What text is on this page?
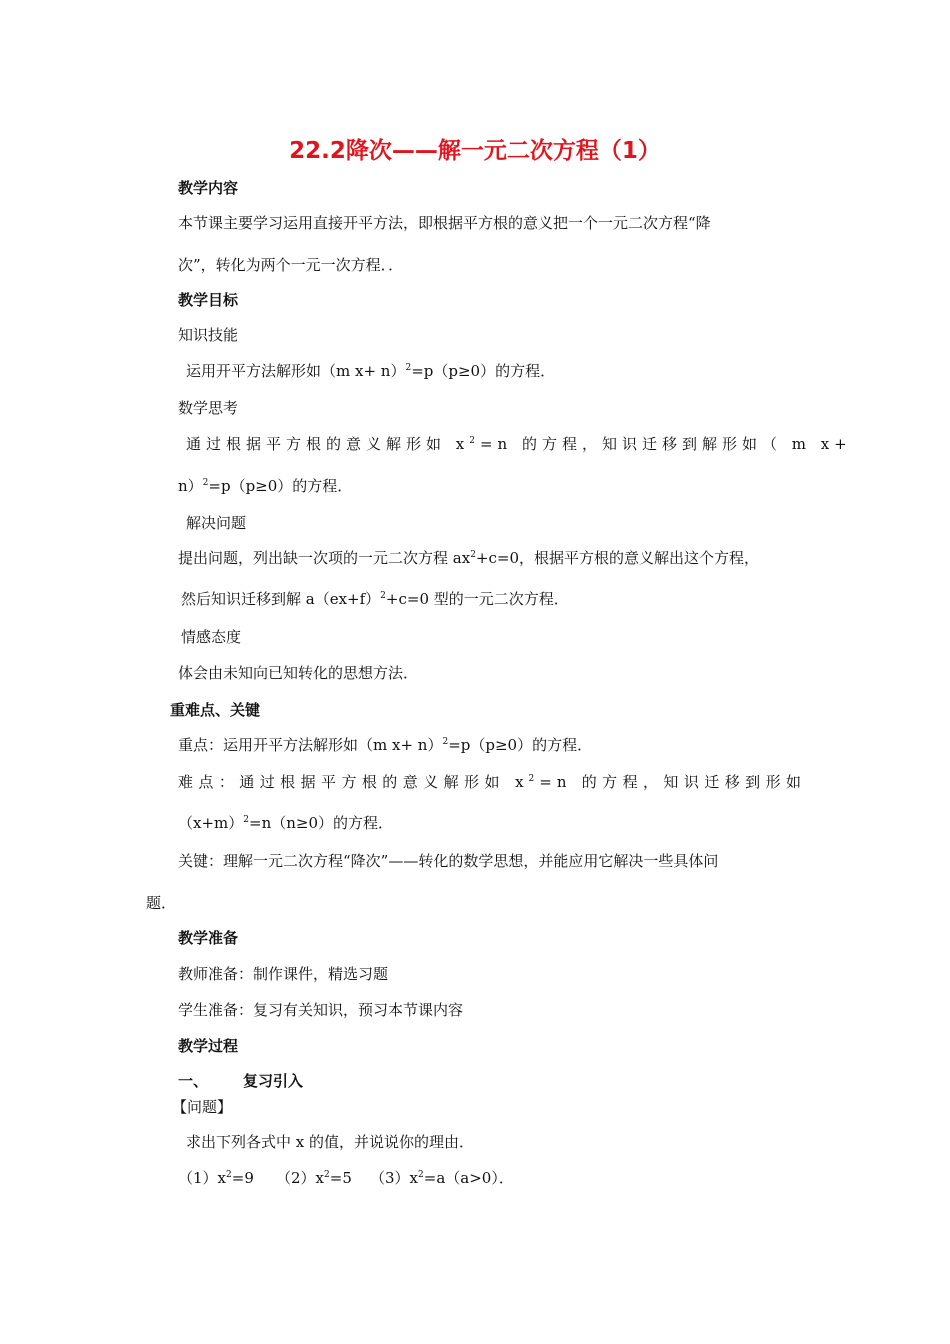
22.2降次——解一元二次方程（1）
教学内容
本节课主要学习运用直接开平方法，即根据平方根的意义把一个一元二次方程“降
次”，转化为两个一元一次方程．．
教学目标
知识技能
运用开平方法解形如（m x+ n）$^2$=p（p≥0）的方程．
数学思考
通过根据平方根的意义解形如 $x^2=n$ 的方程，知识迁移到解形如（ m x+
n）$^2$=p（p≥0）的方程．
解决问题
提出问题，列出缺一次项的一元二次方程 $ax^2+c=0$，根据平方根的意义解出这个方程，
然后知识迁移到解 $a(ex+f)^2+c=0$ 型的一元二次方程．
情感态度
体会由未知向已知转化的思想方法．
重难点、关键
重点：运用开平方法解形如（m x+ n）$^2$=p（p≥0）的方程．
难点：通过根据平方根的意义解形如 $x^2=n$ 的方程，知识迁移到形如
$(x+m)^2=n(n\ge 0)$的方程．
关键：理解一元二次方程“降次”——转化的数学思想，并能应用它解决一些具体问
题．
教学准备
教师准备：制作课件，精选习题
学生准备：复习有关知识，预习本节课内容
教学过程
一、 复习引入
【问题】
求出下列各式中 x 的值，并说说你的理由．
$(1)x^2=9$ $(2)x^2=5$ $(3)x^2=a(a>0)$．
